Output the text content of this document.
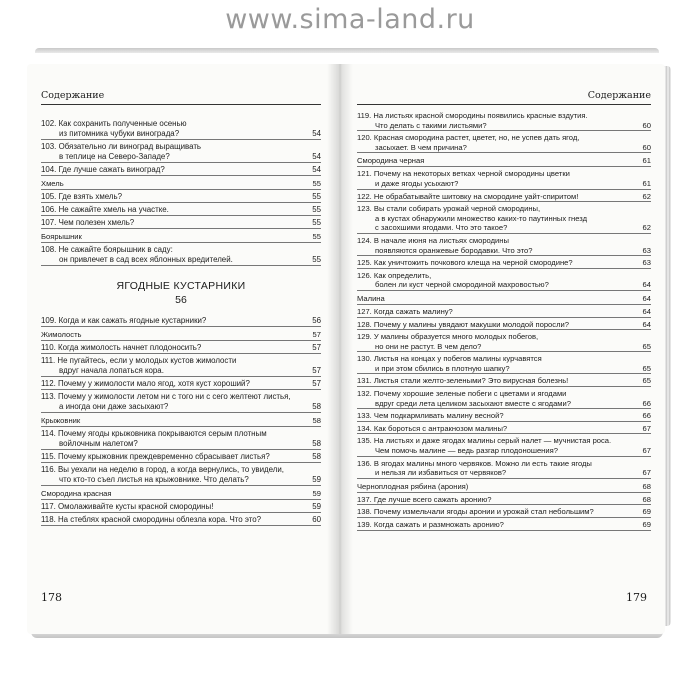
www.sima-land.ru
Содержание
102. Как сохранить полученные осенью
из питомника чубуки винограда?	54
103. Обязательно ли виноград выращивать
в теплице на Северо-Западе?	54
104. Где лучше сажать виноград?	54
Хмель	55
105. Где взять хмель?	55
106. Не сажайте хмель на участке.	55
107. Чем полезен хмель?	55
Боярышник	55
108. Не сажайте боярышник в саду:
он привлечет в сад всех яблонных вредителей.	55
ЯГОДНЫЕ КУСТАРНИКИ
56
109. Когда и как сажать ягодные кустарники?	56
Жимолость	57
110. Когда жимолость начнет плодоносить?	57
111. Не пугайтесь, если у молодых кустов жимолости
вдруг начала лопаться кора.	57
112. Почему у жимолости мало ягод, хотя куст хороший?	57
113. Почему у жимолости летом ни с того ни с сего желтеют листья,
а иногда они даже засыхают?	58
Крыжовник	58
114. Почему ягоды крыжовника покрываются серым плотным
войлочным налетом?	58
115. Почему крыжовник преждевременно сбрасывает листья?	58
116. Вы уехали на неделю в город, а когда вернулись, то увидели,
что кто-то съел листья на крыжовнике. Что делать?	59
Смородина красная	59
117. Омолаживайте кусты красной смородины!	59
118. На стеблях красной смородины облезла кора. Что это?	60
178
Содержание
119. На листьях красной смородины появились красные вздутия.
Что делать с такими листьями?	60
120. Красная смородина растет, цветет, но, не успев дать ягод,
засыхает. В чем причина?	60
Смородина черная	61
121. Почему на некоторых ветках черной смородины цветки
и даже ягоды усыхают?	61
122. Не обрабатывайте шитовку на смородине уайт-спиритом!	62
123. Вы стали собирать урожай черной смородины,
а в кустах обнаружили множество каких-то паутинных гнезд
с засохшими ягодами. Что это такое?	62
124. В начале июня на листьях смородины
появляются оранжевые бородавки. Что это?	63
125. Как уничтожить почкового клеща на черной смородине?	63
126. Как определить,
болен ли куст черной смородиной махровостью?	64
Малина	64
127. Когда сажать малину?	64
128. Почему у малины увядают макушки молодой поросли?	64
129. У малины образуется много молодых побегов,
но они не растут. В чем дело?	65
130. Листья на концах у побегов малины курчавятся
и при этом сбились в плотную шапку?	65
131. Листья стали желто-зелеными? Это вирусная болезнь!	65
132. Почему хорошие зеленые побеги с цветами и ягодами
вдруг среди лета целиком засыхают вместе с ягодами?	66
133. Чем подкармливать малину весной?	66
134. Как бороться с антракнозом малины?	67
135. На листьях и даже ягодах малины серый налет — мучнистая роса.
Чем помочь малине — ведь разгар плодоношения?	67
136. В ягодах малины много червяков. Можно ли есть такие ягоды
и нельзя ли избавиться от червяков?	67
Черноплодная рябина (арония)	68
137. Где лучше всего сажать аронию?	68
138. Почему измельчали ягоды аронии и урожай стал небольшим?	69
139. Когда сажать и размножать аронию?	69
179
